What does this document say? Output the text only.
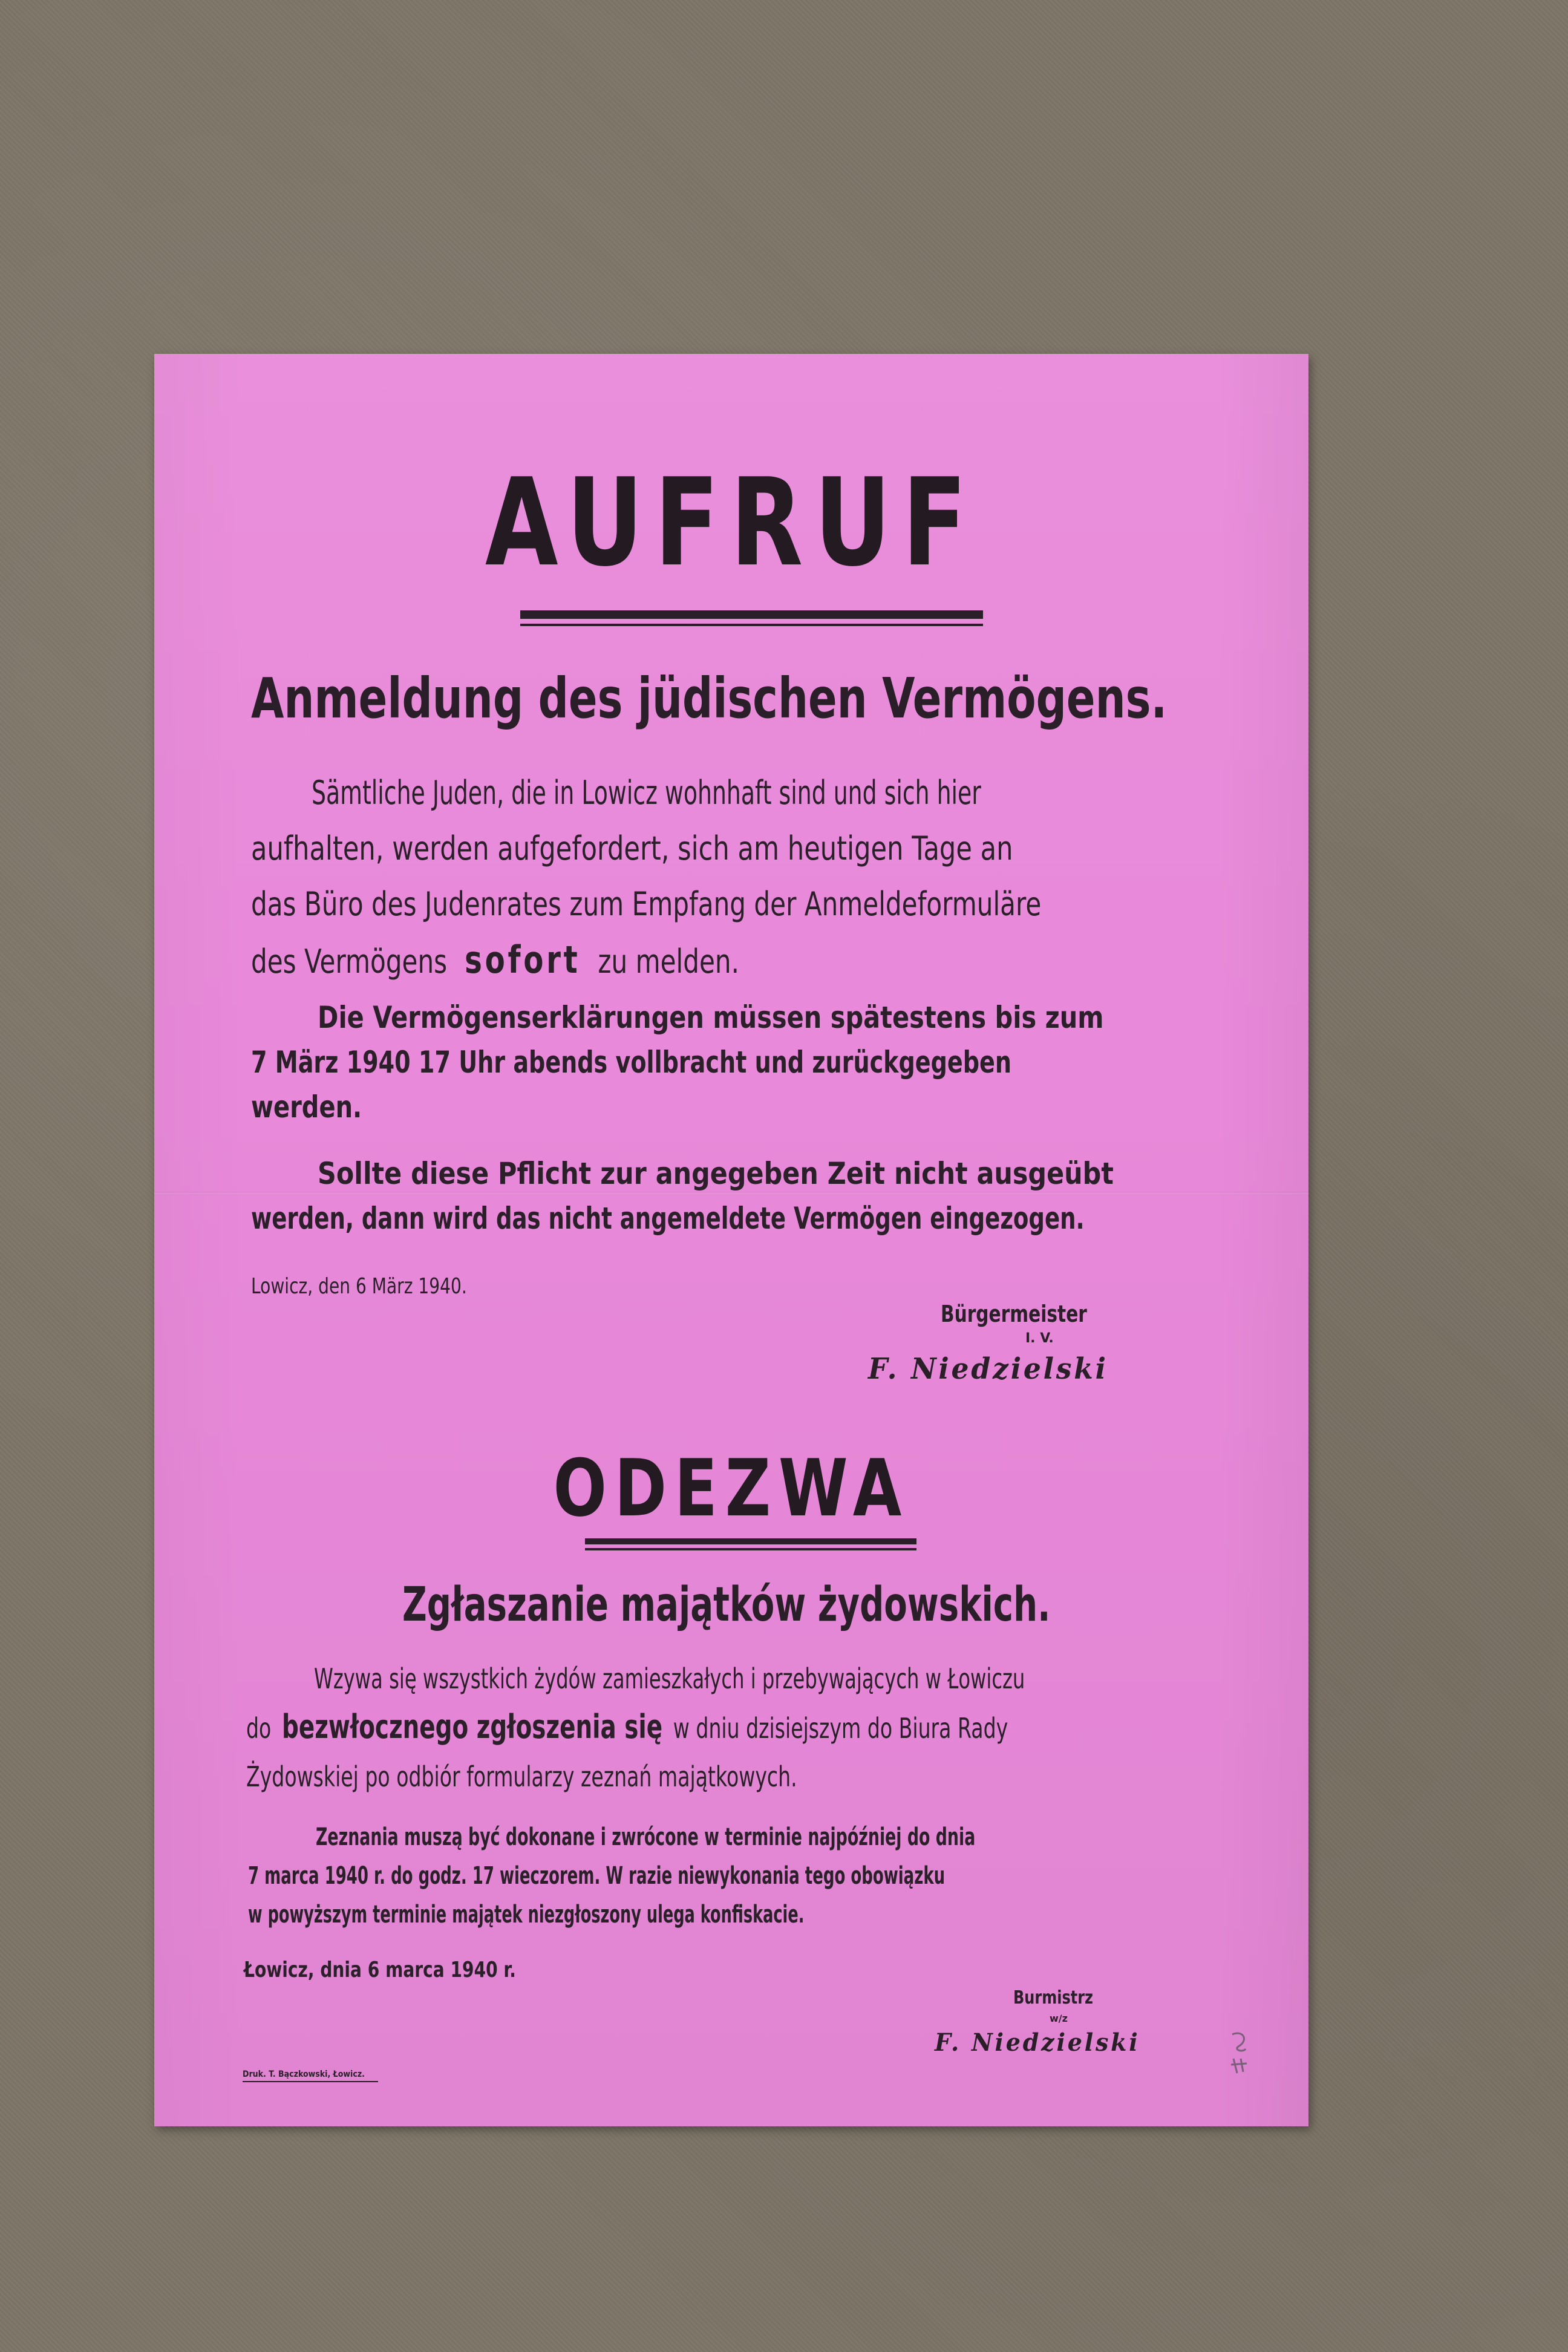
AUFRUF
Anmeldung des jüdischen Vermögens.
Sämtliche Juden, die in Lowicz wohnhaft sind und sich hier
aufhalten, werden aufgefordert, sich am heutigen Tage an
das Büro des Judenrates zum Empfang der Anmeldeformuläre
des Vermögens sofort zu melden.
Die Vermögenserklärungen müssen spätestens bis zum
7 März 1940 17 Uhr abends vollbracht und zurückgegeben
werden.
Sollte diese Pflicht zur angegeben Zeit nicht ausgeübt
werden, dann wird das nicht angemeldete Vermögen eingezogen.
Lowicz, den 6 März 1940.
Bürgermeister
I. V.
F. Niedzielski
ODEZWA
Zgłaszanie majątków żydowskich.
Wzywa się wszystkich żydów zamieszkałych i przebywających w Łowiczu
do bezwłocznego zgłoszenia się w dniu dzisiejszym do Biura Rady
Żydowskiej po odbiór formularzy zeznań majątkowych.
Zeznania muszą być dokonane i zwrócone w terminie najpóźniej do dnia
7 marca 1940 r. do godz. 17 wieczorem. W razie niewykonania tego obowiązku
w powyższym terminie majątek niezgłoszony ulega konfiskacie.
Łowicz, dnia 6 marca 1940 r.
Burmistrz
w/z
F. Niedzielski
Druk. T. Bączkowski, Łowicz.
